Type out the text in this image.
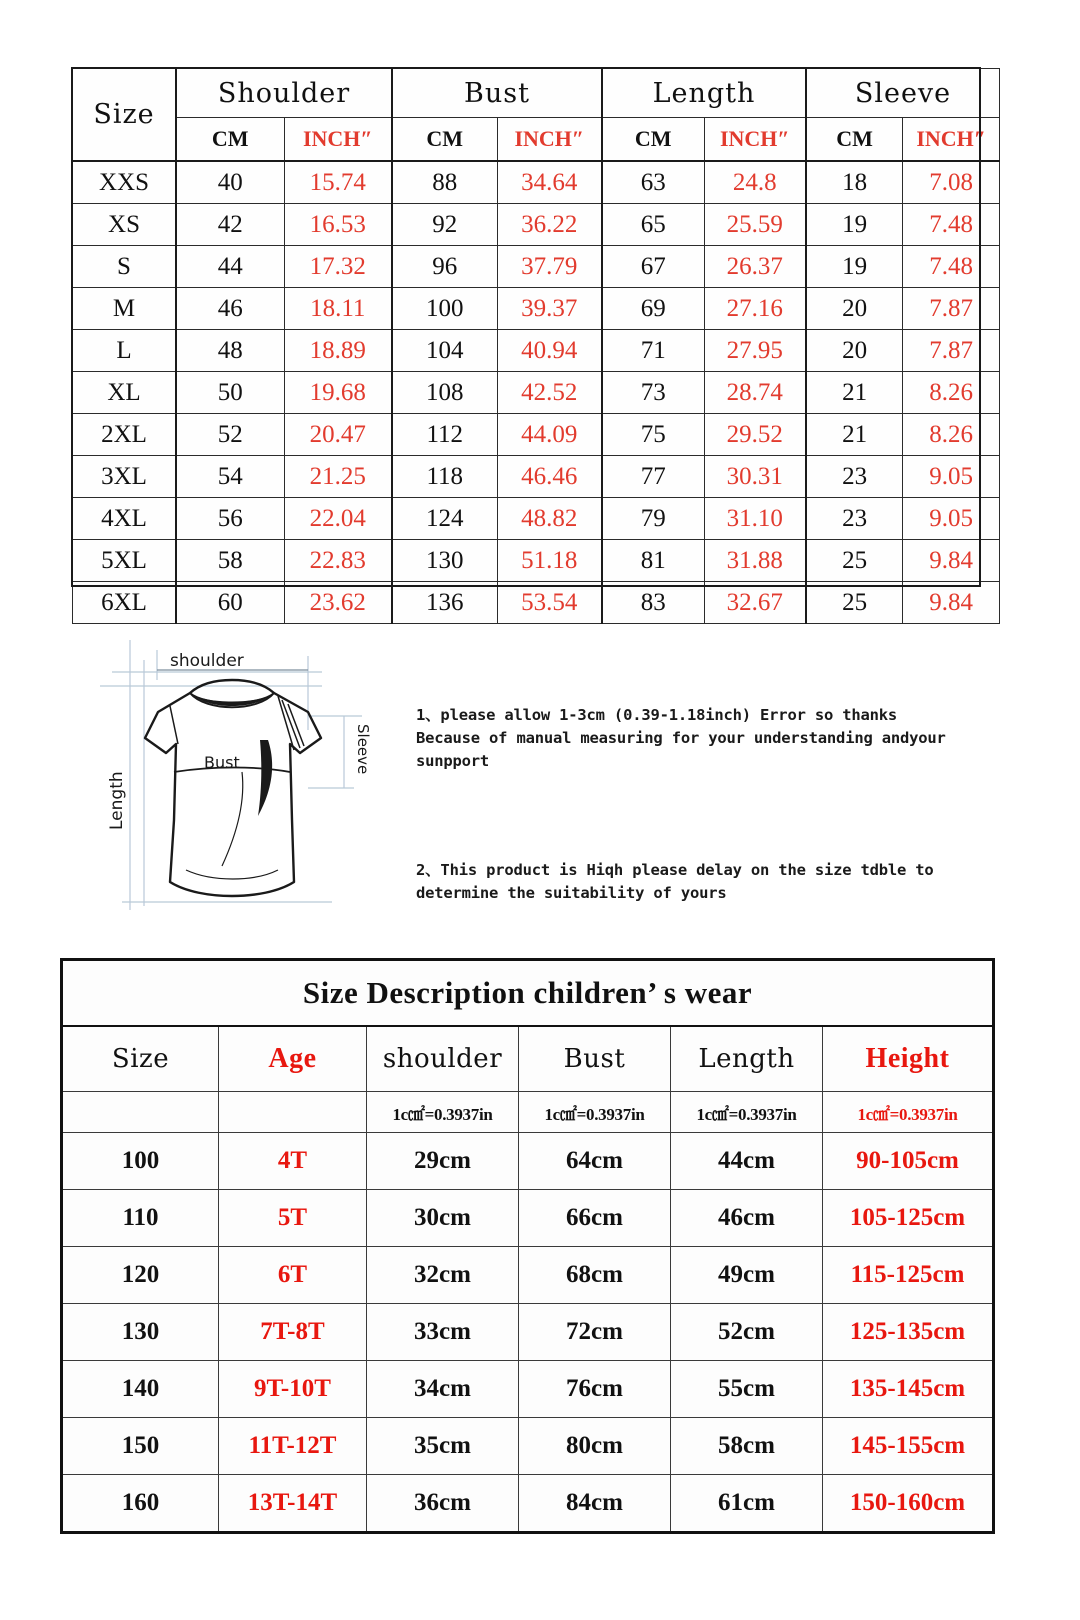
Size	Shoulder		Bust		Length		Sleeve	
	CM	INCH″	CM	INCH″	CM	INCH″	CM	INCH″
XXS	40	15.74	88	34.64	63	24.8	18	7.08
XS	42	16.53	92	36.22	65	25.59	19	7.48
S	44	17.32	96	37.79	67	26.37	19	7.48
M	46	18.11	100	39.37	69	27.16	20	7.87
L	48	18.89	104	40.94	71	27.95	20	7.87
XL	50	19.68	108	42.52	73	28.74	21	8.26
2XL	52	20.47	112	44.09	75	29.52	21	8.26
3XL	54	21.25	118	46.46	77	30.31	23	9.05
4XL	56	22.04	124	48.82	79	31.10	23	9.05
5XL	58	22.83	130	51.18	81	31.88	25	9.84
6XL	60	23.62	136	53.54	83	32.67	25	9.84
shoulder
Bust
Length
Sleeve
1、please allow 1-3cm (0.39-1.18inch) Error so thanks
Because of manual measuring for your understanding andyour
sunpport
2、This product is Hiqh please delay on the size tdble to
determine the suitability of yours
Size Description children’ s wear					
Size	Age	shoulder	Bust	Length	Height
		1c㎠=0.3937in	1c㎠=0.3937in	1c㎠=0.3937in	1c㎠=0.3937in
100	4T	29cm	64cm	44cm	90-105cm
110	5T	30cm	66cm	46cm	105-125cm
120	6T	32cm	68cm	49cm	115-125cm
130	7T-8T	33cm	72cm	52cm	125-135cm
140	9T-10T	34cm	76cm	55cm	135-145cm
150	11T-12T	35cm	80cm	58cm	145-155cm
160	13T-14T	36cm	84cm	61cm	150-160cm
